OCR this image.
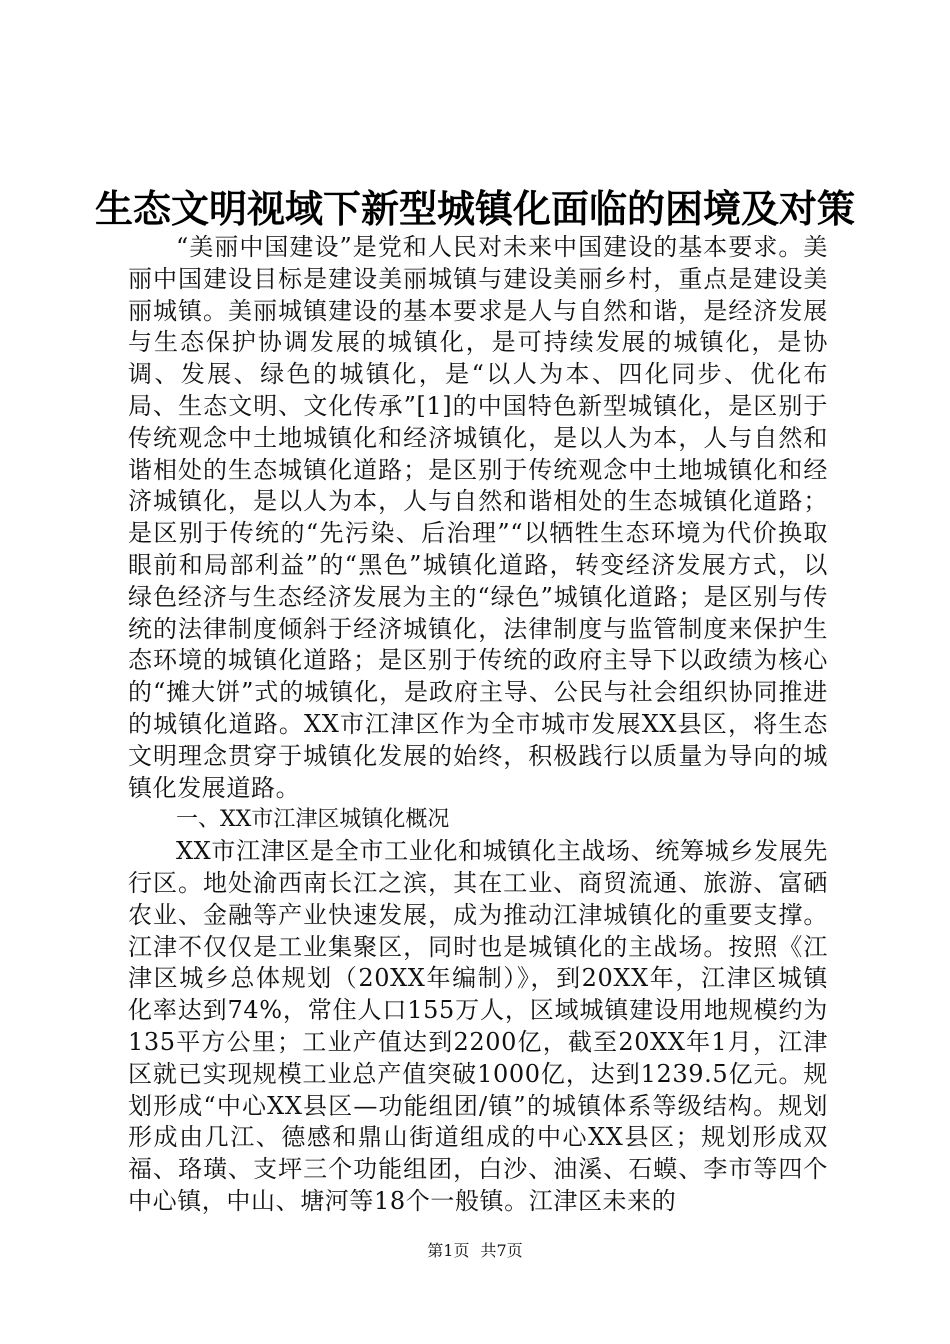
生态文明视域下新型城镇化面临的困境及对策

“美丽中国建设”是党和人民对未来中国建设的基本要求。美丽中国建设目标是建设美丽城镇与建设美丽乡村，重点是建设美丽城镇。美丽城镇建设的基本要求是人与自然和谐，是经济发展与生态保护协调发展的城镇化，是可持续发展的城镇化，是协调、发展、绿色的城镇化，是“以人为本、四化同步、优化布局、生态文明、文化传承”[1]的中国特色新型城镇化，是区别于传统观念中土地城镇化和经济城镇化，是以人为本，人与自然和谐相处的生态城镇化道路；是区别于传统观念中土地城镇化和经济城镇化，是以人为本，人与自然和谐相处的生态城镇化道路；是区别于传统的“先污染、后治理”“以牺牲生态环境为代价换取眼前和局部利益”的“黑色”城镇化道路，转变经济发展方式，以绿色经济与生态经济发展为主的“绿色”城镇化道路；是区别与传统的法律制度倾斜于经济城镇化，法律制度与监管制度来保护生态环境的城镇化道路；是区别于传统的政府主导下以政绩为核心的“摊大饼”式的城镇化，是政府主导、公民与社会组织协同推进的城镇化道路。XX市江津区作为全市城市发展XX县区，将生态文明理念贯穿于城镇化发展的始终，积极践行以质量为导向的城镇化发展道路。

一、XX市江津区城镇化概况

XX市江津区是全市工业化和城镇化主战场、统筹城乡发展先行区。地处渝西南长江之滨，其在工业、商贸流通、旅游、富硒农业、金融等产业快速发展，成为推动江津城镇化的重要支撑。江津不仅仅是工业集聚区，同时也是城镇化的主战场。按照《江津区城乡总体规划（20XX年编制）》，到20XX年，江津区城镇化率达到74%，常住人口155万人，区域城镇建设用地规模约为135平方公里；工业产值达到2200亿，截至20XX年1月，江津区就已实现规模工业总产值突破1000亿，达到1239.5亿元。规划形成“中心XX县区—功能组团/镇”的城镇体系等级结构。规划形成由几江、德感和鼎山街道组成的中心XX县区；规划形成双福、珞璜、支坪三个功能组团，白沙、油溪、石蟆、李市等四个中心镇，中山、塘河等18个一般镇。江津区未来的

第1页 共7页
